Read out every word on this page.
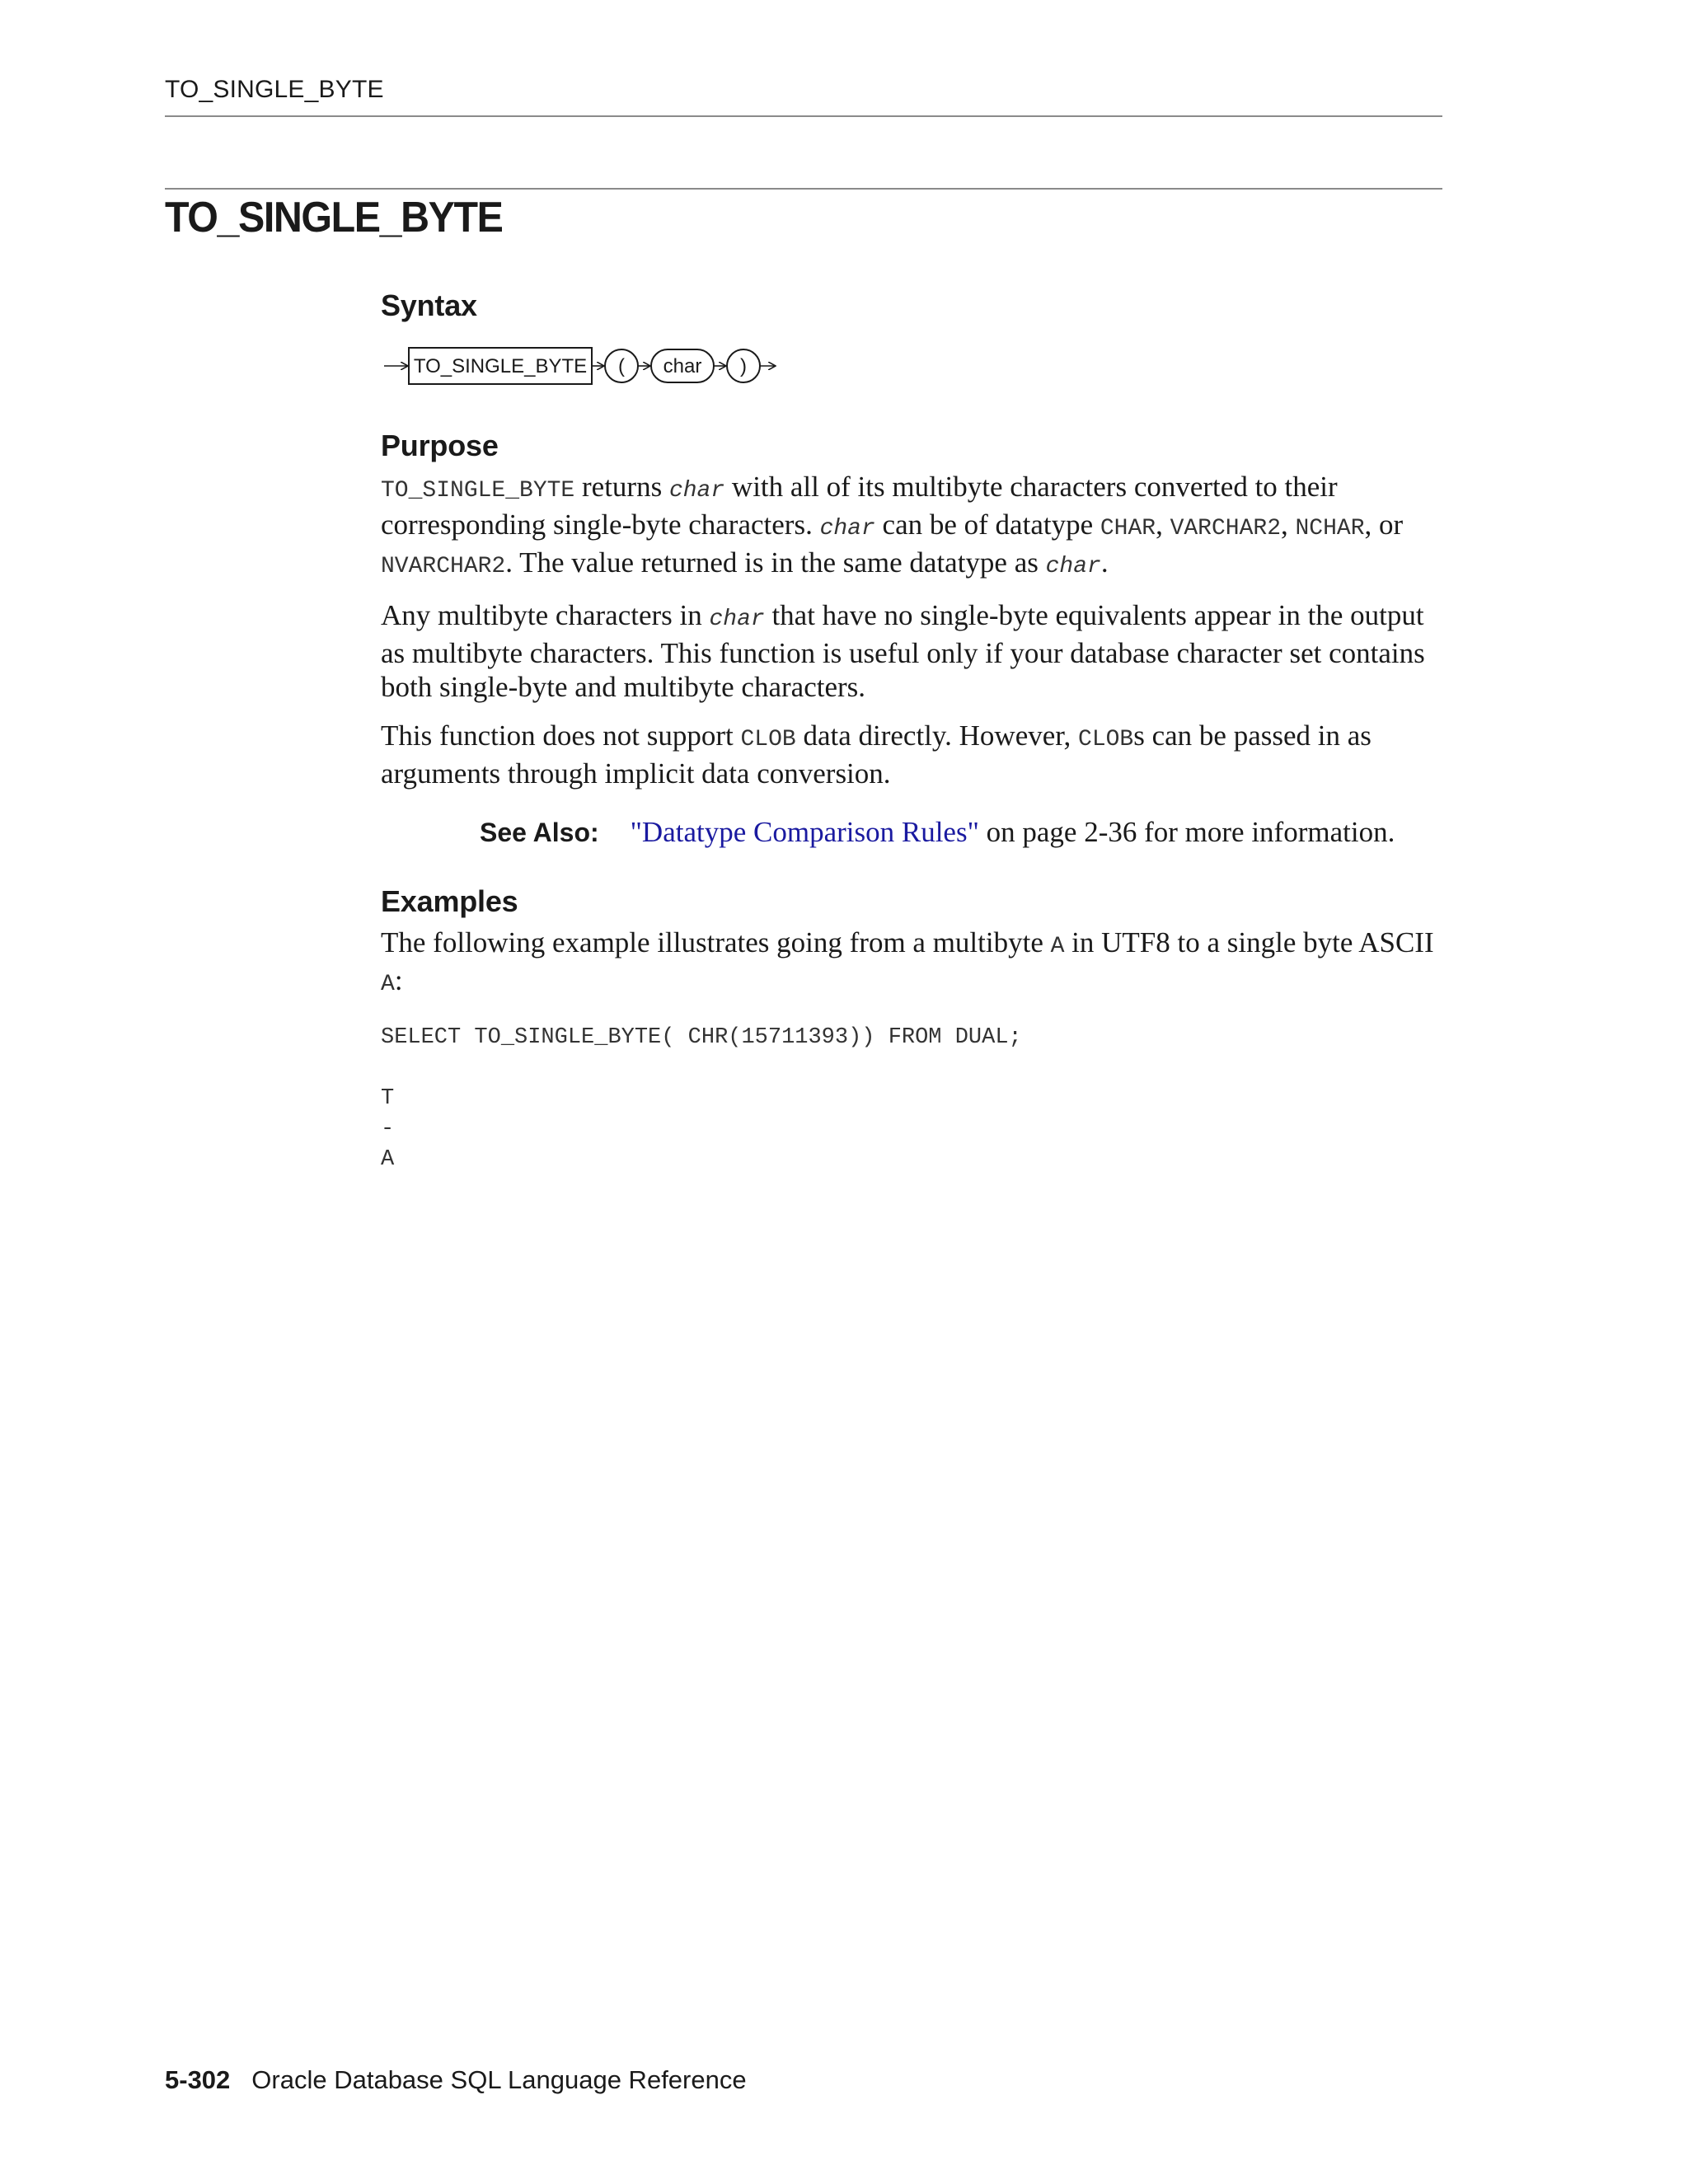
TO_SINGLE_BYTE
TO_SINGLE_BYTE
Syntax
TO_SINGLE_BYTE ( char )
Purpose

TO_SINGLE_BYTE returns char with all of its multibyte characters converted to their corresponding single-byte characters. char can be of datatype CHAR, VARCHAR2, NCHAR, or NVARCHAR2. The value returned is in the same datatype as char.

Any multibyte characters in char that have no single-byte equivalents appear in the output as multibyte characters. This function is useful only if your database character set contains both single-byte and multibyte characters.

This function does not support CLOB data directly. However, CLOBs can be passed in as arguments through implicit data conversion.

See Also: "Datatype Comparison Rules" on page 2-36 for more information.
Examples

The following example illustrates going from a multibyte A in UTF8 to a single byte ASCII A:

SELECT TO_SINGLE_BYTE( CHR(15711393)) FROM DUAL;

T
-
A
5-302 Oracle Database SQL Language Reference
